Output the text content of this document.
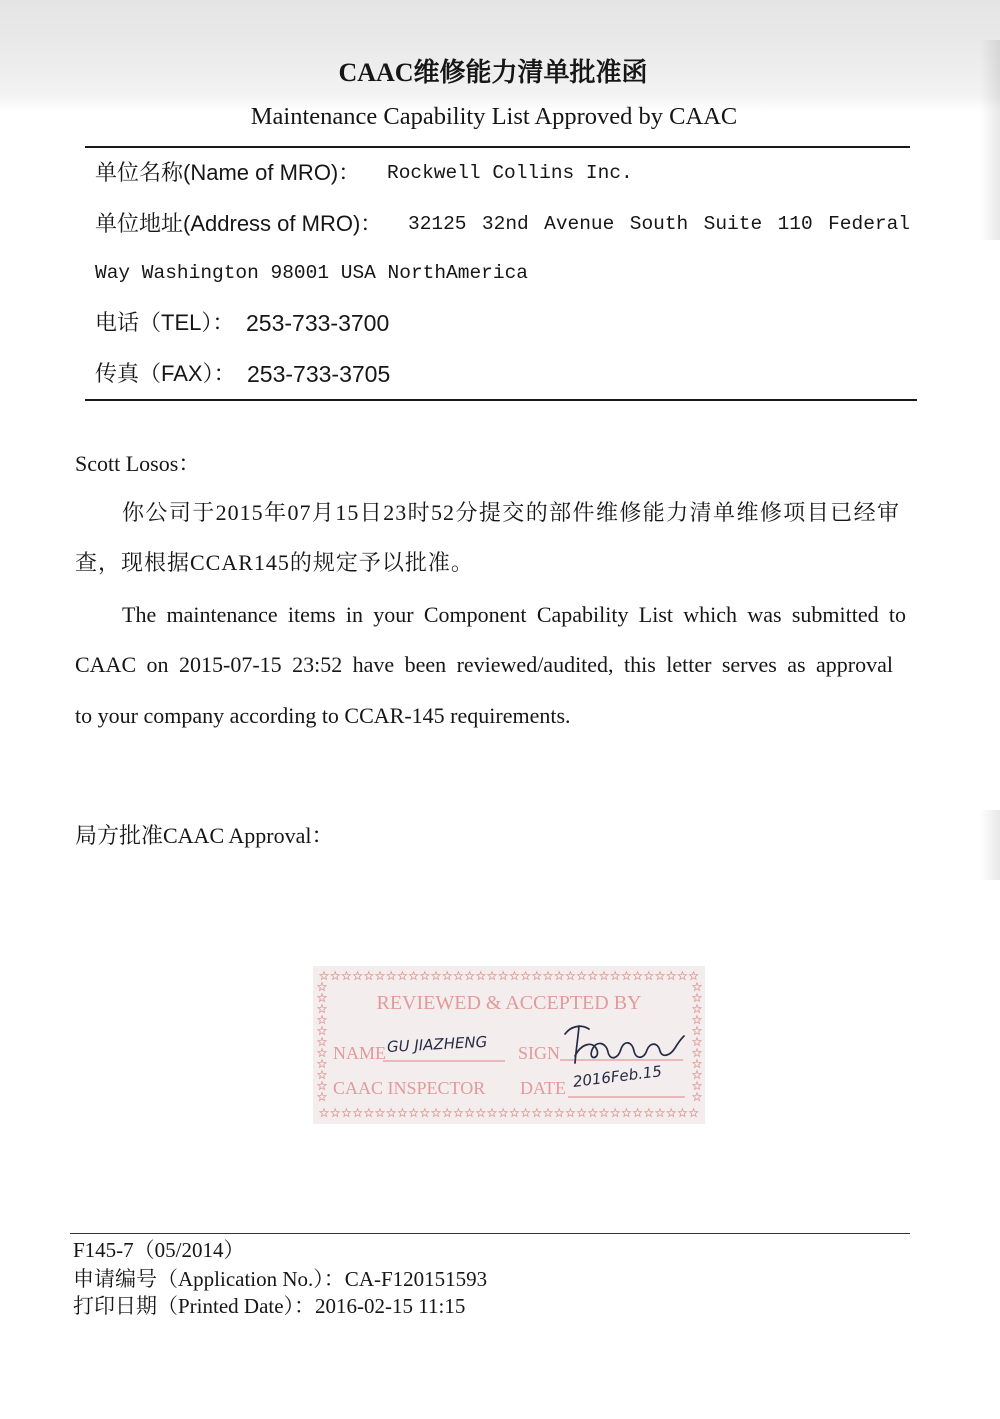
CAAC维修能力清单批准函
Maintenance Capability List Approved by CAAC
单位名称(Name of MRO)： Rockwell Collins Inc.
单位地址(Address of MRO)： 32125 32nd Avenue South Suite 110 Federal
Way Washington 98001 USA NorthAmerica
电话（TEL）： 253-733-3700
传真（FAX）： 253-733-3705
Scott Losos：
你公司于2015年07月15日23时52分提交的部件维修能力清单维修项目已经审
查，现根据CCAR145的规定予以批准。
The maintenance items in your Component Capability List which was submitted to
CAAC on 2015-07-15 23:52 have been reviewed/audited, this letter serves as approval
to your company according to CCAR-145 requirements.
局方批准CAAC Approval：
REVIEWED & ACCEPTED BY
NAME GU JIAZHENG SIGN
CAAC INSPECTOR DATE 2016Feb.15
F145-7（05/2014）
申请编号（Application No.）：CA-F120151593
打印日期（Printed Date）：2016-02-15 11:15
